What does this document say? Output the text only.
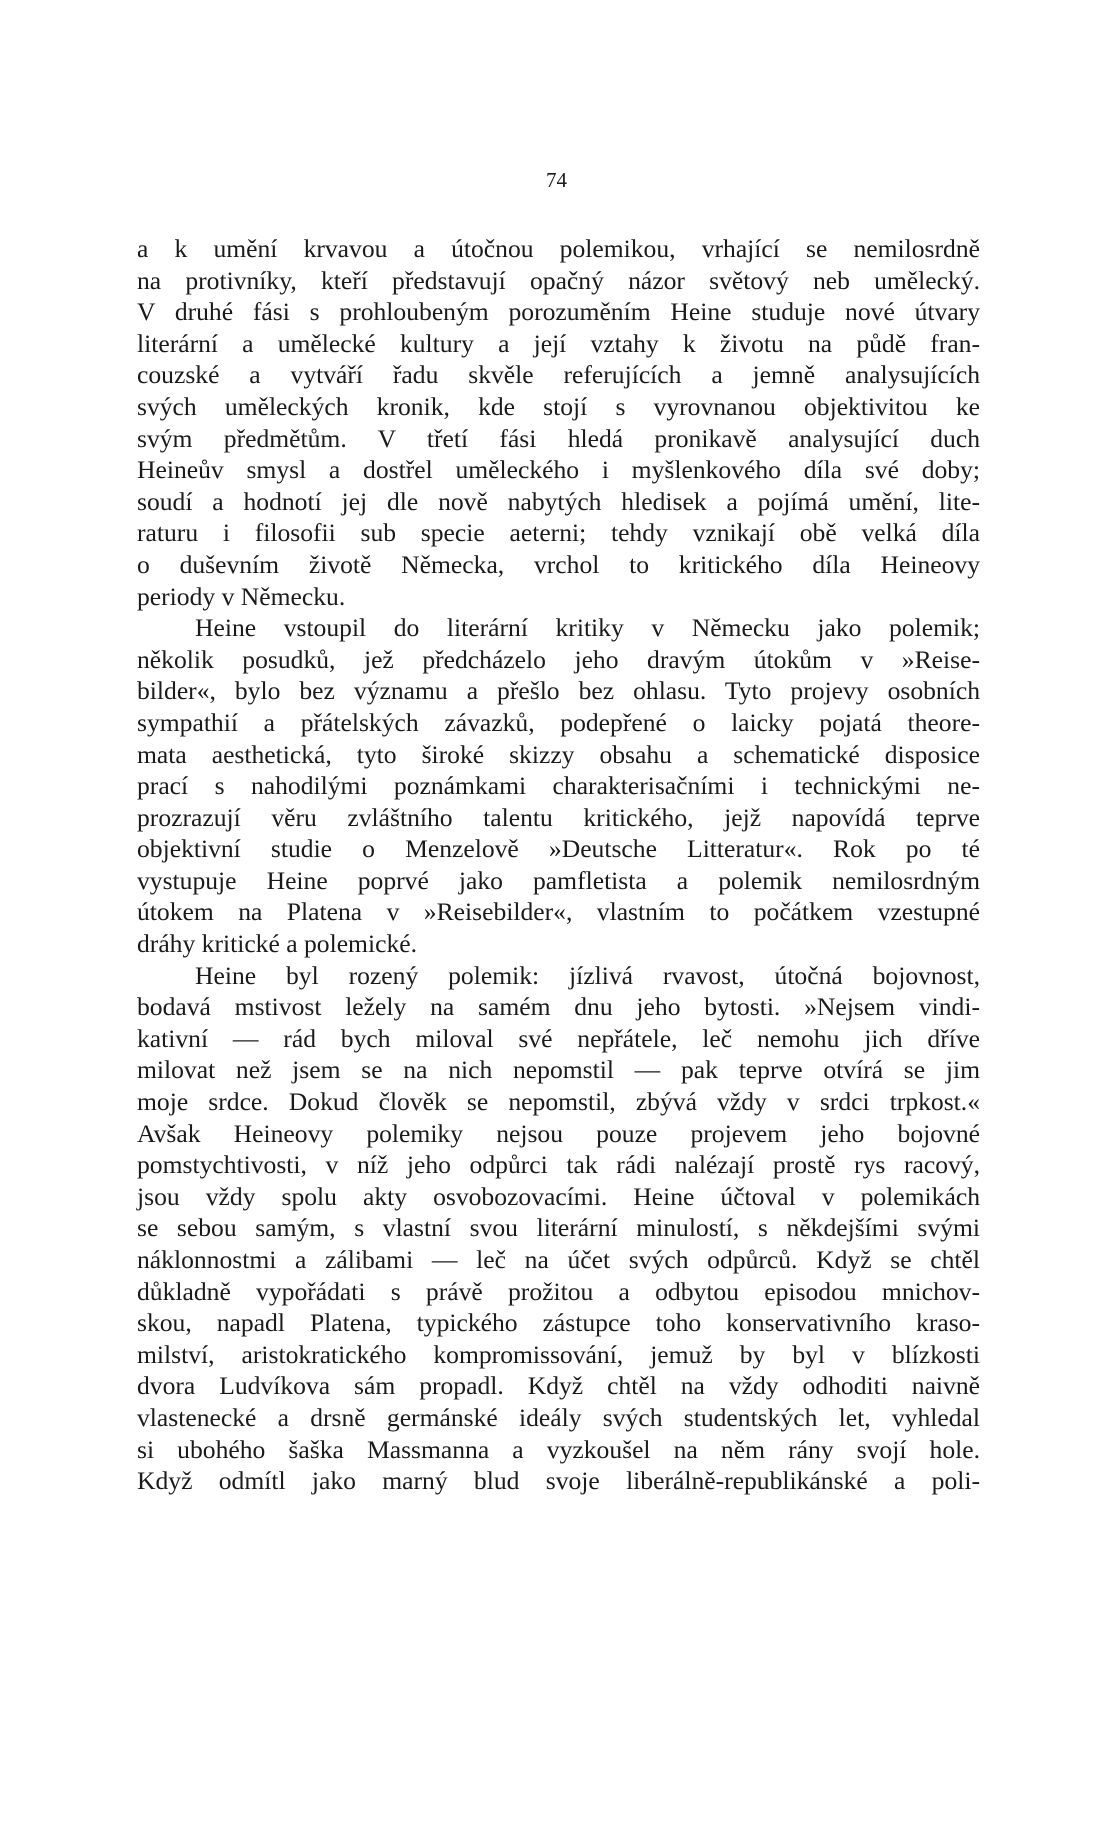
74
a k umění krvavou a útočnou polemikou, vrhající se nemilosrdně
na protivníky, kteří představují opačný názor světový neb umělecký.
V druhé fási s prohloubeným porozuměním Heine studuje nové útvary
literární a umělecké kultury a její vztahy k životu na půdě fran-
couzské a vytváří řadu skvěle referujících a jemně analysujících
svých uměleckých kronik, kde stojí s vyrovnanou objektivitou ke
svým předmětům. V třetí fási hledá pronikavě analysující duch
Heineův smysl a dostřel uměleckého i myšlenkového díla své doby;
soudí a hodnotí jej dle nově nabytých hledisek a pojímá umění, lite-
raturu i filosofii sub specie aeterni; tehdy vznikají obě velká díla
o duševním životě Německa, vrchol to kritického díla Heineovy
periody v Německu.
Heine vstoupil do literární kritiky v Německu jako polemik;
několik posudků, jež předcházelo jeho dravým útokům v »Reise-
bilder«, bylo bez významu a přešlo bez ohlasu. Tyto projevy osobních
sympathií a přátelských závazků, podepřené o laicky pojatá theore-
mata aesthetická, tyto široké skizzy obsahu a schematické disposice
prací s nahodilými poznámkami charakterisačními i technickými ne-
prozrazují věru zvláštního talentu kritického, jejž napovídá teprve
objektivní studie o Menzelově »Deutsche Litteratur«. Rok po té
vystupuje Heine poprvé jako pamfletista a polemik nemilosrdným
útokem na Platena v »Reisebilder«, vlastním to počátkem vzestupné
dráhy kritické a polemické.
Heine byl rozený polemik: jízlivá rvavost, útočná bojovnost,
bodavá mstivost ležely na samém dnu jeho bytosti. »Nejsem vindi-
kativní — rád bych miloval své nepřátele, leč nemohu jich dříve
milovat než jsem se na nich nepomstil — pak teprve otvírá se jim
moje srdce. Dokud člověk se nepomstil, zbývá vždy v srdci trpkost.«
Avšak Heineovy polemiky nejsou pouze projevem jeho bojovné
pomstychtivosti, v níž jeho odpůrci tak rádi nalézají prostě rys racový,
jsou vždy spolu akty osvobozovacími. Heine účtoval v polemikách
se sebou samým, s vlastní svou literární minulostí, s někdejšími svými
náklonnostmi a zálibami — leč na účet svých odpůrců. Když se chtěl
důkladně vypořádati s právě prožitou a odbytou episodou mnichov-
skou, napadl Platena, typického zástupce toho konservativního kraso-
milství, aristokratického kompromissování, jemuž by byl v blízkosti
dvora Ludvíkova sám propadl. Když chtěl na vždy odhoditi naivně
vlastenecké a drsně germánské ideály svých studentských let, vyhledal
si ubohého šaška Massmanna a vyzkoušel na něm rány svojí hole.
Když odmítl jako marný blud svoje liberálně-republikánské a poli-
